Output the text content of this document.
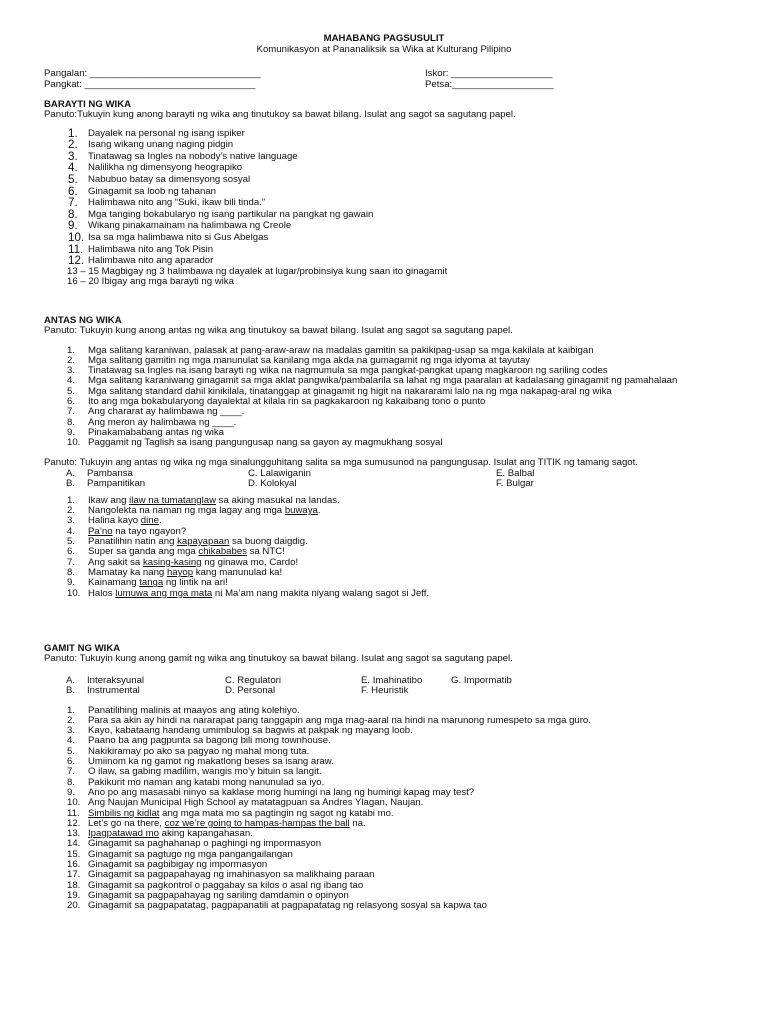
MAHABANG PAGSUSULIT
Komunikasyon at Pananaliksik sa Wika at Kulturang Pilipino
Pangalan: ________________________________
Pangkat: ________________________________
Iskor: ___________________
Petsa:___________________
BARAYTI NG WIKA
Panuto:Tukuyin kung anong barayti ng wika ang tinutukoy sa bawat bilang. Isulat ang sagot sa sagutang papel.
1. Dayalek na personal ng isang ispiker
2. Isang wikang unang naging pidgin
3. Tinatawag sa Ingles na nobody’s native language
4. Nalilikha ng dimensyong heograpiko
5. Nabubuo batay sa dimensyong sosyal
6. Ginagamit sa loob ng tahanan
7. Halimbawa nito ang “Suki, ikaw bili tinda.”
8. Mga tanging bokabularyo ng isang partikular na pangkat ng gawain
9. Wikang pinakamainam na halimbawa ng Creole
10. Isa sa mga halimbawa nito si Gus Abelgas
11. Halimbawa nito ang Tok Pisin
12. Halimbawa nito ang aparador
13 – 15 Magbigay ng 3 halimbawa ng dayalek at lugar/probinsiya kung saan ito ginagamit
16 – 20 Ibigay ang mga barayti ng wika
ANTAS NG WIKA
Panuto: Tukuyin kung anong antas ng wika ang tinutukoy sa bawat bilang. Isulat ang sagot sa sagutang papel.
1. Mga salitang karaniwan, palasak at pang-araw-araw na madalas gamitin sa pakikipag-usap sa mga kakilala at kaibigan
2. Mga salitang gamitin ng mga manunulat sa kanilang mga akda na gumagamit ng mga idyoma at tayutay
3. Tinatawag sa Ingles na isang barayti ng wika na nagmumula sa mga pangkat-pangkat upang magkaroon ng sariling codes
4. Mga salitang karaniwang ginagamit sa mga aklat pangwika/pambalarila sa lahat ng mga paaralan at kadalasang ginagamit ng pamahalaan
5. Mga salitang standard dahil kinikilala, tinatanggap at ginagamit ng higit na nakararami lalo na ng mga nakapag-aral ng wika
6. Ito ang mga bokabularyong dayalektal at kilala rin sa pagkakaroon ng kakaibang tono o punto
7. Ang chararat ay halimbawa ng ____.
8. Ang meron ay halimbawa ng ____.
9. Pinakamababang antas ng wika
10. Paggamit ng Taglish sa isang pangungusap nang sa gayon ay magmukhang sosyal
Panuto: Tukuyin ang antas ng wika ng mga sinalungguhitang salita sa mga sumusunod na pangungusap. Isulat ang TITIK ng tamang sagot.
A. Pambansa	C. Lalawiganin	E. Balbal
B. Pampanitikan	D. Kolokyal	F. Bulgar
1. Ikaw ang ilaw na tumatanglaw sa aking masukal na landas.
2. Nangolekta na naman ng mga lagay ang mga buwaya.
3. Halina kayo dine.
4. Pa’no na tayo ngayon?
5. Panatilihin natin ang kapayapaan sa buong daigdig.
6. Super sa ganda ang mga chikababes sa NTC!
7. Ang sakit sa kasing-kasing ng ginawa mo, Cardo!
8. Mamatay ka nang hayop kang manunulad ka!
9. Kainamang tanga ng lintik na ari!
10. Halos lumuwa ang mga mata ni Ma’am nang makita niyang walang sagot si Jeff.
GAMIT NG WIKA
Panuto: Tukuyin kung anong gamit ng wika ang tinutukoy sa bawat bilang. Isulat ang sagot sa sagutang papel.
A. Interaksyunal	C. Regulatori	E. Imahinatibo	G. Impormatib
B. Instrumental	D. Personal	F. Heuristik
1. Panatilihing malinis at maayos ang ating kolehiyo.
2. Para sa akin ay hindi na nararapat pang tanggapin ang mga mag-aaral na hindi na marunong rumespeto sa mga guro.
3. Kayo, kabataang handang umimbulog sa bagwis at pakpak ng mayang loob.
4. Paano ba ang pagpunta sa bagong bili mong townhouse.
5. Nakikiramay po ako sa pagyao ng mahal mong tuta.
6. Umiinom ka ng gamot ng makatlong beses sa isang araw.
7. O ilaw, sa gabing madilim, wangis mo’y bituin sa langit.
8. Pakikurit mo naman ang katabi mong nanunulad sa iyo.
9. Ano po ang masasabi ninyo sa kaklase mong humingi na lang ng humingi kapag may test?
10. Ang Naujan Municipal High School ay matatagpuan sa Andres Ylagan, Naujan.
11. Simbilis ng kidlat ang mga mata mo sa pagtingin ng sagot ng katabi mo.
12. Let’s go na there, coz we’re going to hampas-hampas the ball na.
13. Ipagpatawad mo aking kapangahasan.
14. Ginagamit sa paghahanap o paghingi ng impormasyon
15. Ginagamit sa pagtugo ng mga pangangailangan
16. Ginagamit sa pagbibigay ng impormasyon
17. Ginagamit sa pagpapahayag ng imahinasyon sa malikhaing paraan
18. Ginagamit sa pagkontrol o paggabay sa kilos o asal ng ibang tao
19. Ginagamit sa pagpapahayag ng sariling damdamin o opinyon
20. Ginagamit sa pagpapatatag, pagpapanatili at pagpapatatag ng relasyong sosyal sa kapwa tao
